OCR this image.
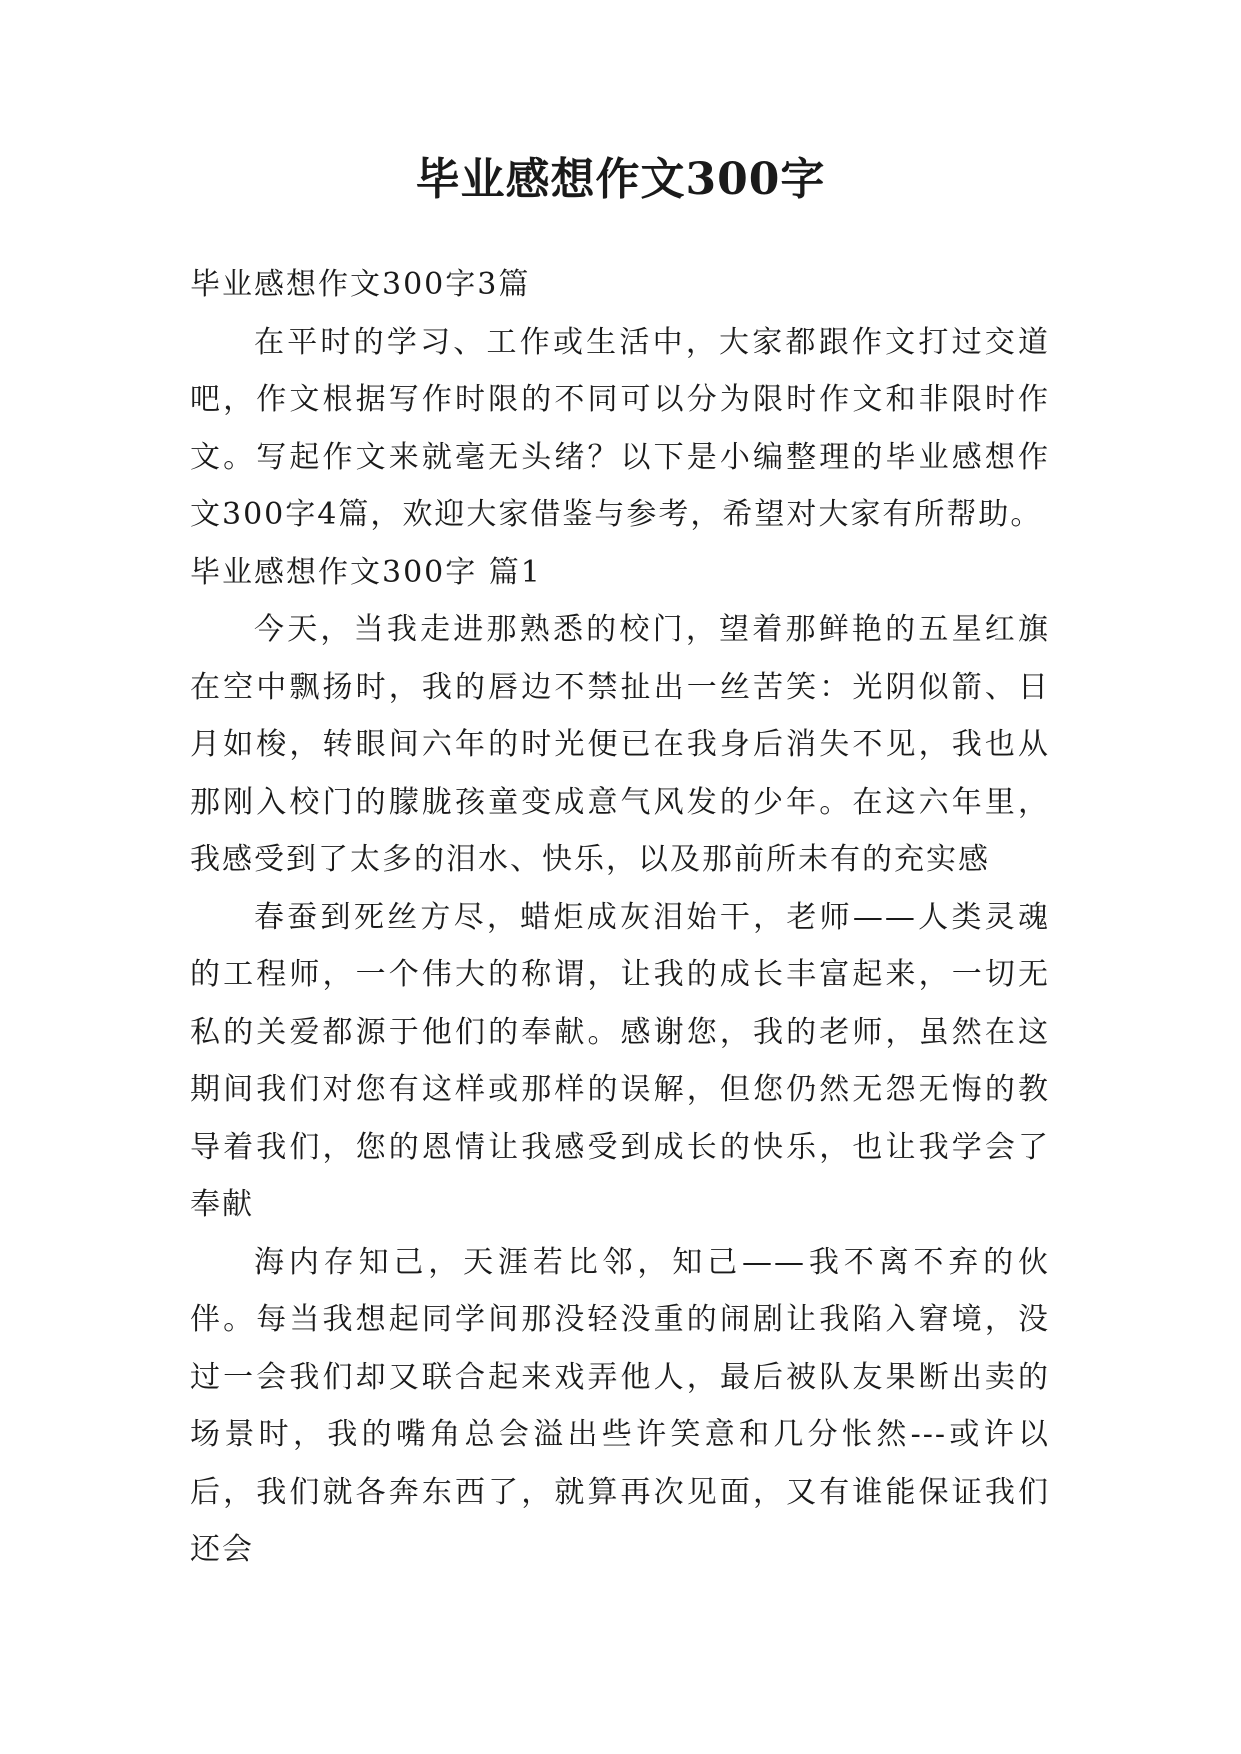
毕业感想作文300字

毕业感想作文300字3篇

在平时的学习、工作或生活中，大家都跟作文打过交道吧，作文根据写作时限的不同可以分为限时作文和非限时作文。写起作文来就毫无头绪？以下是小编整理的毕业感想作文300字4篇，欢迎大家借鉴与参考，希望对大家有所帮助。

毕业感想作文300字 篇1

今天，当我走进那熟悉的校门，望着那鲜艳的五星红旗在空中飘扬时，我的唇边不禁扯出一丝苦笑：光阴似箭、日月如梭，转眼间六年的时光便已在我身后消失不见，我也从那刚入校门的朦胧孩童变成意气风发的少年。在这六年里，我感受到了太多的泪水、快乐，以及那前所未有的充实感

春蚕到死丝方尽，蜡炬成灰泪始干，老师——人类灵魂的工程师，一个伟大的称谓，让我的成长丰富起来，一切无私的关爱都源于他们的奉献。感谢您，我的老师，虽然在这期间我们对您有这样或那样的误解，但您仍然无怨无悔的教导着我们，您的恩情让我感受到成长的快乐，也让我学会了奉献

海内存知己，天涯若比邻，知己——我不离不弃的伙伴。每当我想起同学间那没轻没重的闹剧让我陷入窘境，没过一会我们却又联合起来戏弄他人，最后被队友果断出卖的场景时，我的嘴角总会溢出些许笑意和几分怅然---或许以后，我们就各奔东西了，就算再次见面，又有谁能保证我们还会
